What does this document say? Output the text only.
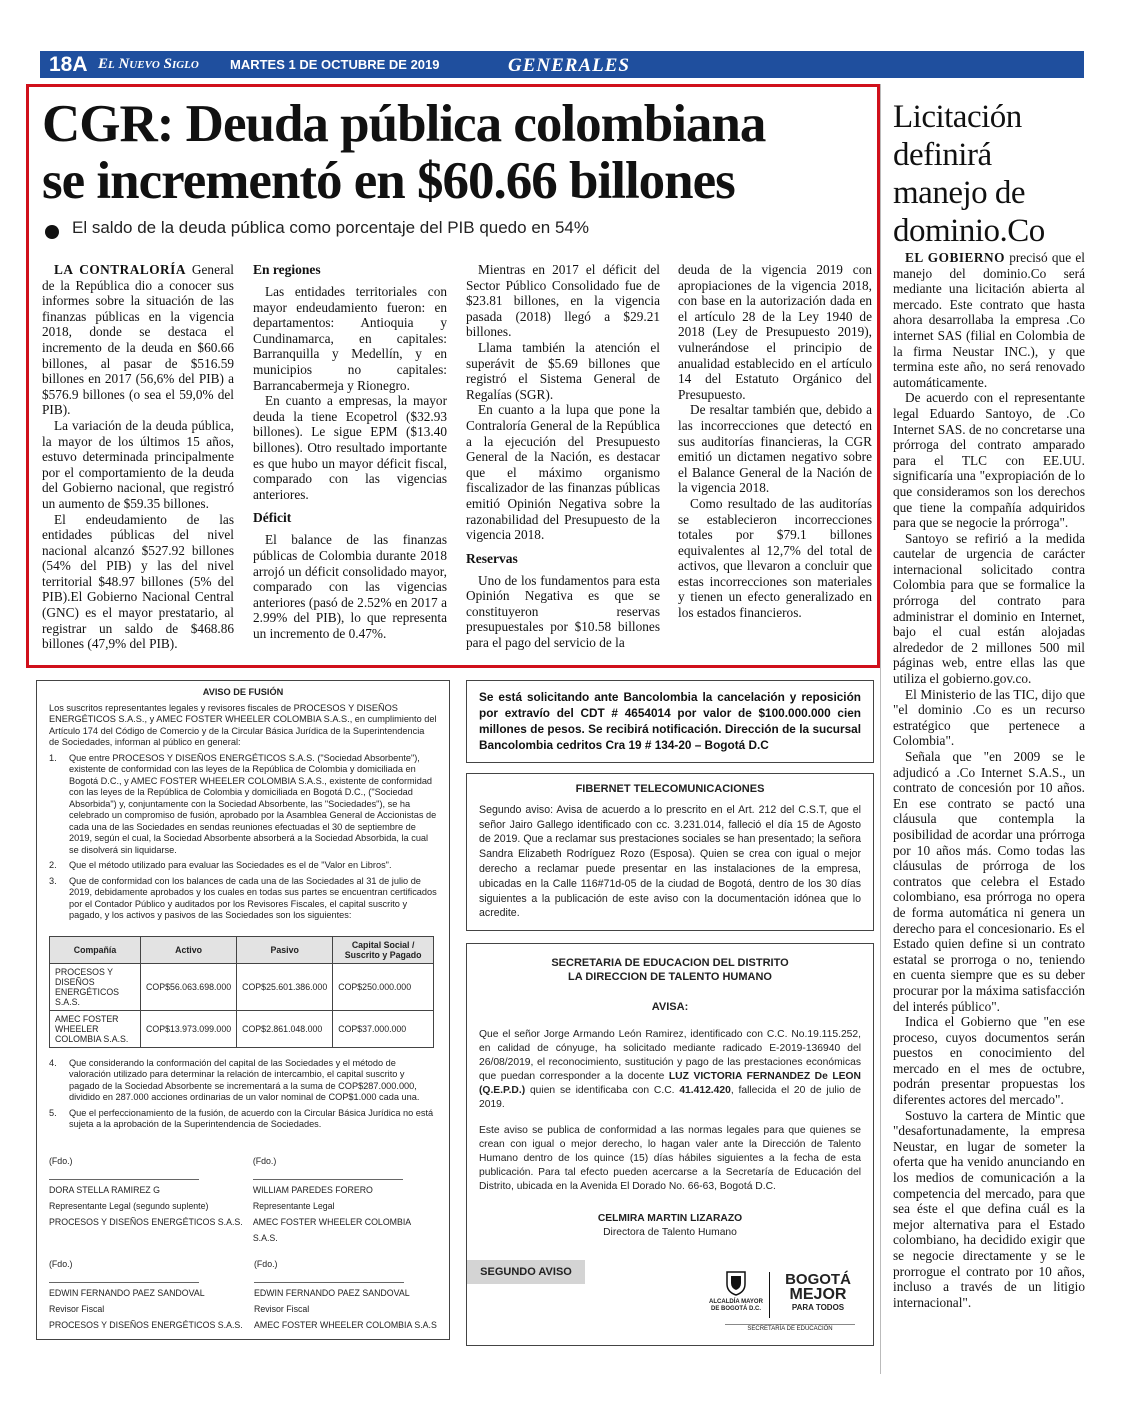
18A El Nuevo Siglo MARTES 1 DE OCTUBRE DE 2019	GENERALES
CGR: Deuda pública colombiana
se incrementó en $60.66 billones
El saldo de la deuda pública como porcentaje del PIB quedo en 54%

LA CONTRALORÍA General de la República dio a conocer sus informes sobre la situación de las finanzas públicas en la vigencia 2018, donde se destaca el incremento de la deuda en $60.66 billones, al pasar de $516.59 billones en 2017 (56,6% del PIB) a $576.9 billones (o sea el 59,0% del PIB).

La variación de la deuda pública, la mayor de los últimos 15 años, estuvo determinada principalmente por el comportamiento de la deuda del Gobierno nacional, que registró un aumento de $59.35 billones.

El endeudamiento de las entidades públicas del nivel nacional alcanzó $527.92 billones (54% del PIB) y las del nivel territorial $48.97 billones (5% del PIB).El Gobierno Nacional Central (GNC) es el mayor prestatario, al registrar un saldo de $468.86 billones (47,9% del PIB).

En regiones

Las entidades territoriales con mayor endeudamiento fueron: en departamentos: Antioquia y Cundinamarca, en capitales: Barranquilla y Medellín, y en municipios no capitales: Barrancabermeja y Rionegro.

En cuanto a empresas, la mayor deuda la tiene Ecopetrol ($32.93 billones). Le sigue EPM ($13.40 billones). Otro resultado importante es que hubo un mayor déficit fiscal, comparado con las vigencias anteriores.

Déficit

El balance de las finanzas públicas de Colombia durante 2018 arrojó un déficit consolidado mayor, comparado con las vigencias anteriores (pasó de 2.52% en 2017 a 2.99% del PIB), lo que representa un incremento de 0.47%.

Mientras en 2017 el déficit del Sector Público Consolidado fue de $23.81 billones, en la vigencia pasada (2018) llegó a $29.21 billones.

Llama también la atención el superávit de $5.69 billones que registró el Sistema General de Regalías (SGR).

En cuanto a la lupa que pone la Contraloría General de la República a la ejecución del Presupuesto General de la Nación, es destacar que el máximo organismo fiscalizador de las finanzas públicas emitió Opinión Negativa sobre la razonabilidad del Presupuesto de la vigencia 2018.

Reservas

Uno de los fundamentos para esta Opinión Negativa es que se constituyeron reservas presupuestales por $10.58 billones para el pago del servicio de la

deuda de la vigencia 2019 con apropiaciones de la vigencia 2018, con base en la autorización dada en el artículo 28 de la Ley 1940 de 2018 (Ley de Presupuesto 2019), vulnerándose el principio de anualidad establecido en el artículo 14 del Estatuto Orgánico del Presupuesto.

De resaltar también que, debido a las incorrecciones que detectó en sus auditorías financieras, la CGR emitió un dictamen negativo sobre el Balance General de la Nación de la vigencia 2018.

Como resultado de las auditorías se establecieron incorrecciones totales por $79.1 billones equivalentes al 12,7% del total de activos, que llevaron a concluir que estas incorrecciones son materiales y tienen un efecto generalizado en los estados financieros.

Licitación definirá manejo de dominio.Co

EL GOBIERNO precisó que el manejo del dominio.Co será mediante una licitación abierta al mercado. Este contrato que hasta ahora desarrollaba la empresa .Co internet SAS (filial en Colombia de la firma Neustar INC.), y que termina este año, no será renovado automáticamente.

De acuerdo con el representante legal Eduardo Santoyo, de .Co Internet SAS. de no concretarse una prórroga del contrato amparado para el TLC con EE.UU. significaría una "expropiación de lo que consideramos son los derechos que tiene la compañía adquiridos para que se negocie la prórroga".

Santoyo se refirió a la medida cautelar de urgencia de carácter internacional solicitado contra Colombia para que se formalice la prórroga del contrato para administrar el dominio en Internet, bajo el cual están alojadas alrededor de 2 millones 500 mil páginas web, entre ellas las que utiliza el gobierno.gov.co.

El Ministerio de las TIC, dijo que "el dominio .Co es un recurso estratégico que pertenece a Colombia".

Señala que "en 2009 se le adjudicó a .Co Internet S.A.S., un contrato de concesión por 10 años. En ese contrato se pactó una cláusula que contempla la posibilidad de acordar una prórroga por 10 años más. Como todas las cláusulas de prórroga de los contratos que celebra el Estado colombiano, esa prórroga no opera de forma automática ni genera un derecho para el concesionario. Es el Estado quien define si un contrato estatal se prorroga o no, teniendo en cuenta siempre que es su deber procurar por la máxima satisfacción del interés público".

Indica el Gobierno que "en ese proceso, cuyos documentos serán puestos en conocimiento del mercado en el mes de octubre, podrán presentar propuestas los diferentes actores del mercado".

Sostuvo la cartera de Mintic que "desafortunadamente, la empresa Neustar, en lugar de someter la oferta que ha venido anunciando en los medios de comunicación a la competencia del mercado, para que sea éste el que defina cuál es la mejor alternativa para el Estado colombiano, ha decidido exigir que se negocie directamente y se le prorrogue el contrato por 10 años, incluso a través de un litigio internacional".

AVISO DE FUSIÓN

Los suscritos representantes legales y revisores fiscales de PROCESOS Y DISEÑOS ENERGÉTICOS S.A.S., y AMEC FOSTER WHEELER COLOMBIA S.A.S., en cumplimiento del Artículo 174 del Código de Comercio y de la Circular Básica Jurídica de la Superintendencia de Sociedades, informan al público en general:

1.	Que entre PROCESOS Y DISEÑOS ENERGÉTICOS S.A.S. ("Sociedad Absorbente"), existente de conformidad con las leyes de la República de Colombia y domiciliada en Bogotá D.C., y AMEC FOSTER WHEELER COLOMBIA S.A.S., existente de conformidad con las leyes de la República de Colombia y domiciliada en Bogotá D.C., ("Sociedad Absorbida") y, conjuntamente con la Sociedad Absorbente, las "Sociedades"), se ha celebrado un compromiso de fusión, aprobado por la Asamblea General de Accionistas de cada una de las Sociedades en sendas reuniones efectuadas el 30 de septiembre de 2019, según el cual, la Sociedad Absorbente absorberá a la Sociedad Absorbida, la cual se disolverá sin liquidarse.
2.	Que el método utilizado para evaluar las Sociedades es el de "Valor en Libros".
3.	Que de conformidad con los balances de cada una de las Sociedades al 31 de julio de 2019, debidamente aprobados y los cuales en todas sus partes se encuentran certificados por el Contador Público y auditados por los Revisores Fiscales, el capital suscrito y pagado, y los activos y pasivos de las Sociedades son los siguientes:
Compañía	Activo	Pasivo	Capital Social / Suscrito y Pagado
PROCESOS Y DISEÑOS ENERGÉTICOS S.A.S.	COP$56.063.698.000	COP$25.601.386.000	COP$250.000.000
AMEC FOSTER WHEELER COLOMBIA S.A.S.	COP$13.973.099.000	COP$2.861.048.000	COP$37.000.000
4.	Que considerando la conformación del capital de las Sociedades y el método de valoración utilizado para determinar la relación de intercambio, el capital suscrito y pagado de la Sociedad Absorbente se incrementará a la suma de COP$287.000.000, dividido en 287.000 acciones ordinarias de un valor nominal de COP$1.000 cada una.
5.	Que el perfeccionamiento de la fusión, de acuerdo con la Circular Básica Jurídica no está sujeta a la aprobación de la Superintendencia de Sociedades.
(Fdo.)
DORA STELLA RAMIREZ G
Representante Legal (segundo suplente)
PROCESOS Y DISEÑOS ENERGÉTICOS S.A.S.
(Fdo.)
WILLIAM PAREDES FORERO
Representante Legal
AMEC FOSTER WHEELER COLOMBIA S.A.S.
(Fdo.)
EDWIN FERNANDO PAEZ SANDOVAL
Revisor Fiscal
PROCESOS Y DISEÑOS ENERGÉTICOS S.A.S.
(Fdo.)
EDWIN FERNANDO PAEZ SANDOVAL
Revisor Fiscal
AMEC FOSTER WHEELER COLOMBIA S.A.S
Se está solicitando ante Bancolombia la cancelación y reposición por extravío del CDT # 4654014 por valor de $100.000.000 cien millones de pesos. Se recibirá notificación. Dirección de la sucursal Bancolombia cedritos Cra 19 # 134-20 – Bogotá D.C
FIBERNET TELECOMUNICACIONES
Segundo aviso: Avisa de acuerdo a lo prescrito en el Art. 212 del C.S.T, que el señor Jairo Gallego identificado con cc. 3.231.014, falleció el día 15 de Agosto de 2019. Que a reclamar sus prestaciones sociales se han presentado; la señora Sandra Elizabeth Rodríguez Rozo (Esposa). Quien se crea con igual o mejor derecho a reclamar puede presentar en las instalaciones de la empresa, ubicadas en la Calle 116#71d-05 de la ciudad de Bogotá, dentro de los 30 días siguientes a la publicación de este aviso con la documentación idónea que lo acredite.
SECRETARIA DE EDUCACION DEL DISTRITO
LA DIRECCION DE TALENTO HUMANO
AVISA:
Que el señor Jorge Armando León Ramirez, identificado con C.C. No.19.115.252, en calidad de cónyuge, ha solicitado mediante radicado E-2019-136940 del 26/08/2019, el reconocimiento, sustitución y pago de las prestaciones económicas que puedan corresponder a la docente LUZ VICTORIA FERNANDEZ De LEON (Q.E.P.D.) quien se identificaba con C.C. 41.412.420, fallecida el 20 de julio de 2019.
Este aviso se publica de conformidad a las normas legales para que quienes se crean con igual o mejor derecho, lo hagan valer ante la Dirección de Talento Humano dentro de los quince (15) días hábiles siguientes a la fecha de esta publicación. Para tal efecto pueden acercarse a la Secretaría de Educación del Distrito, ubicada en la Avenida El Dorado No. 66-63, Bogotá D.C.
CELMIRA MARTIN LIZARAZO
Directora de Talento Humano
SEGUNDO AVISO
ALCALDÍA MAYOR
DE BOGOTÁ D.C.
BOGOTÁ
MEJOR
PARA TODOS
SECRETARÍA DE EDUCACIÓN
